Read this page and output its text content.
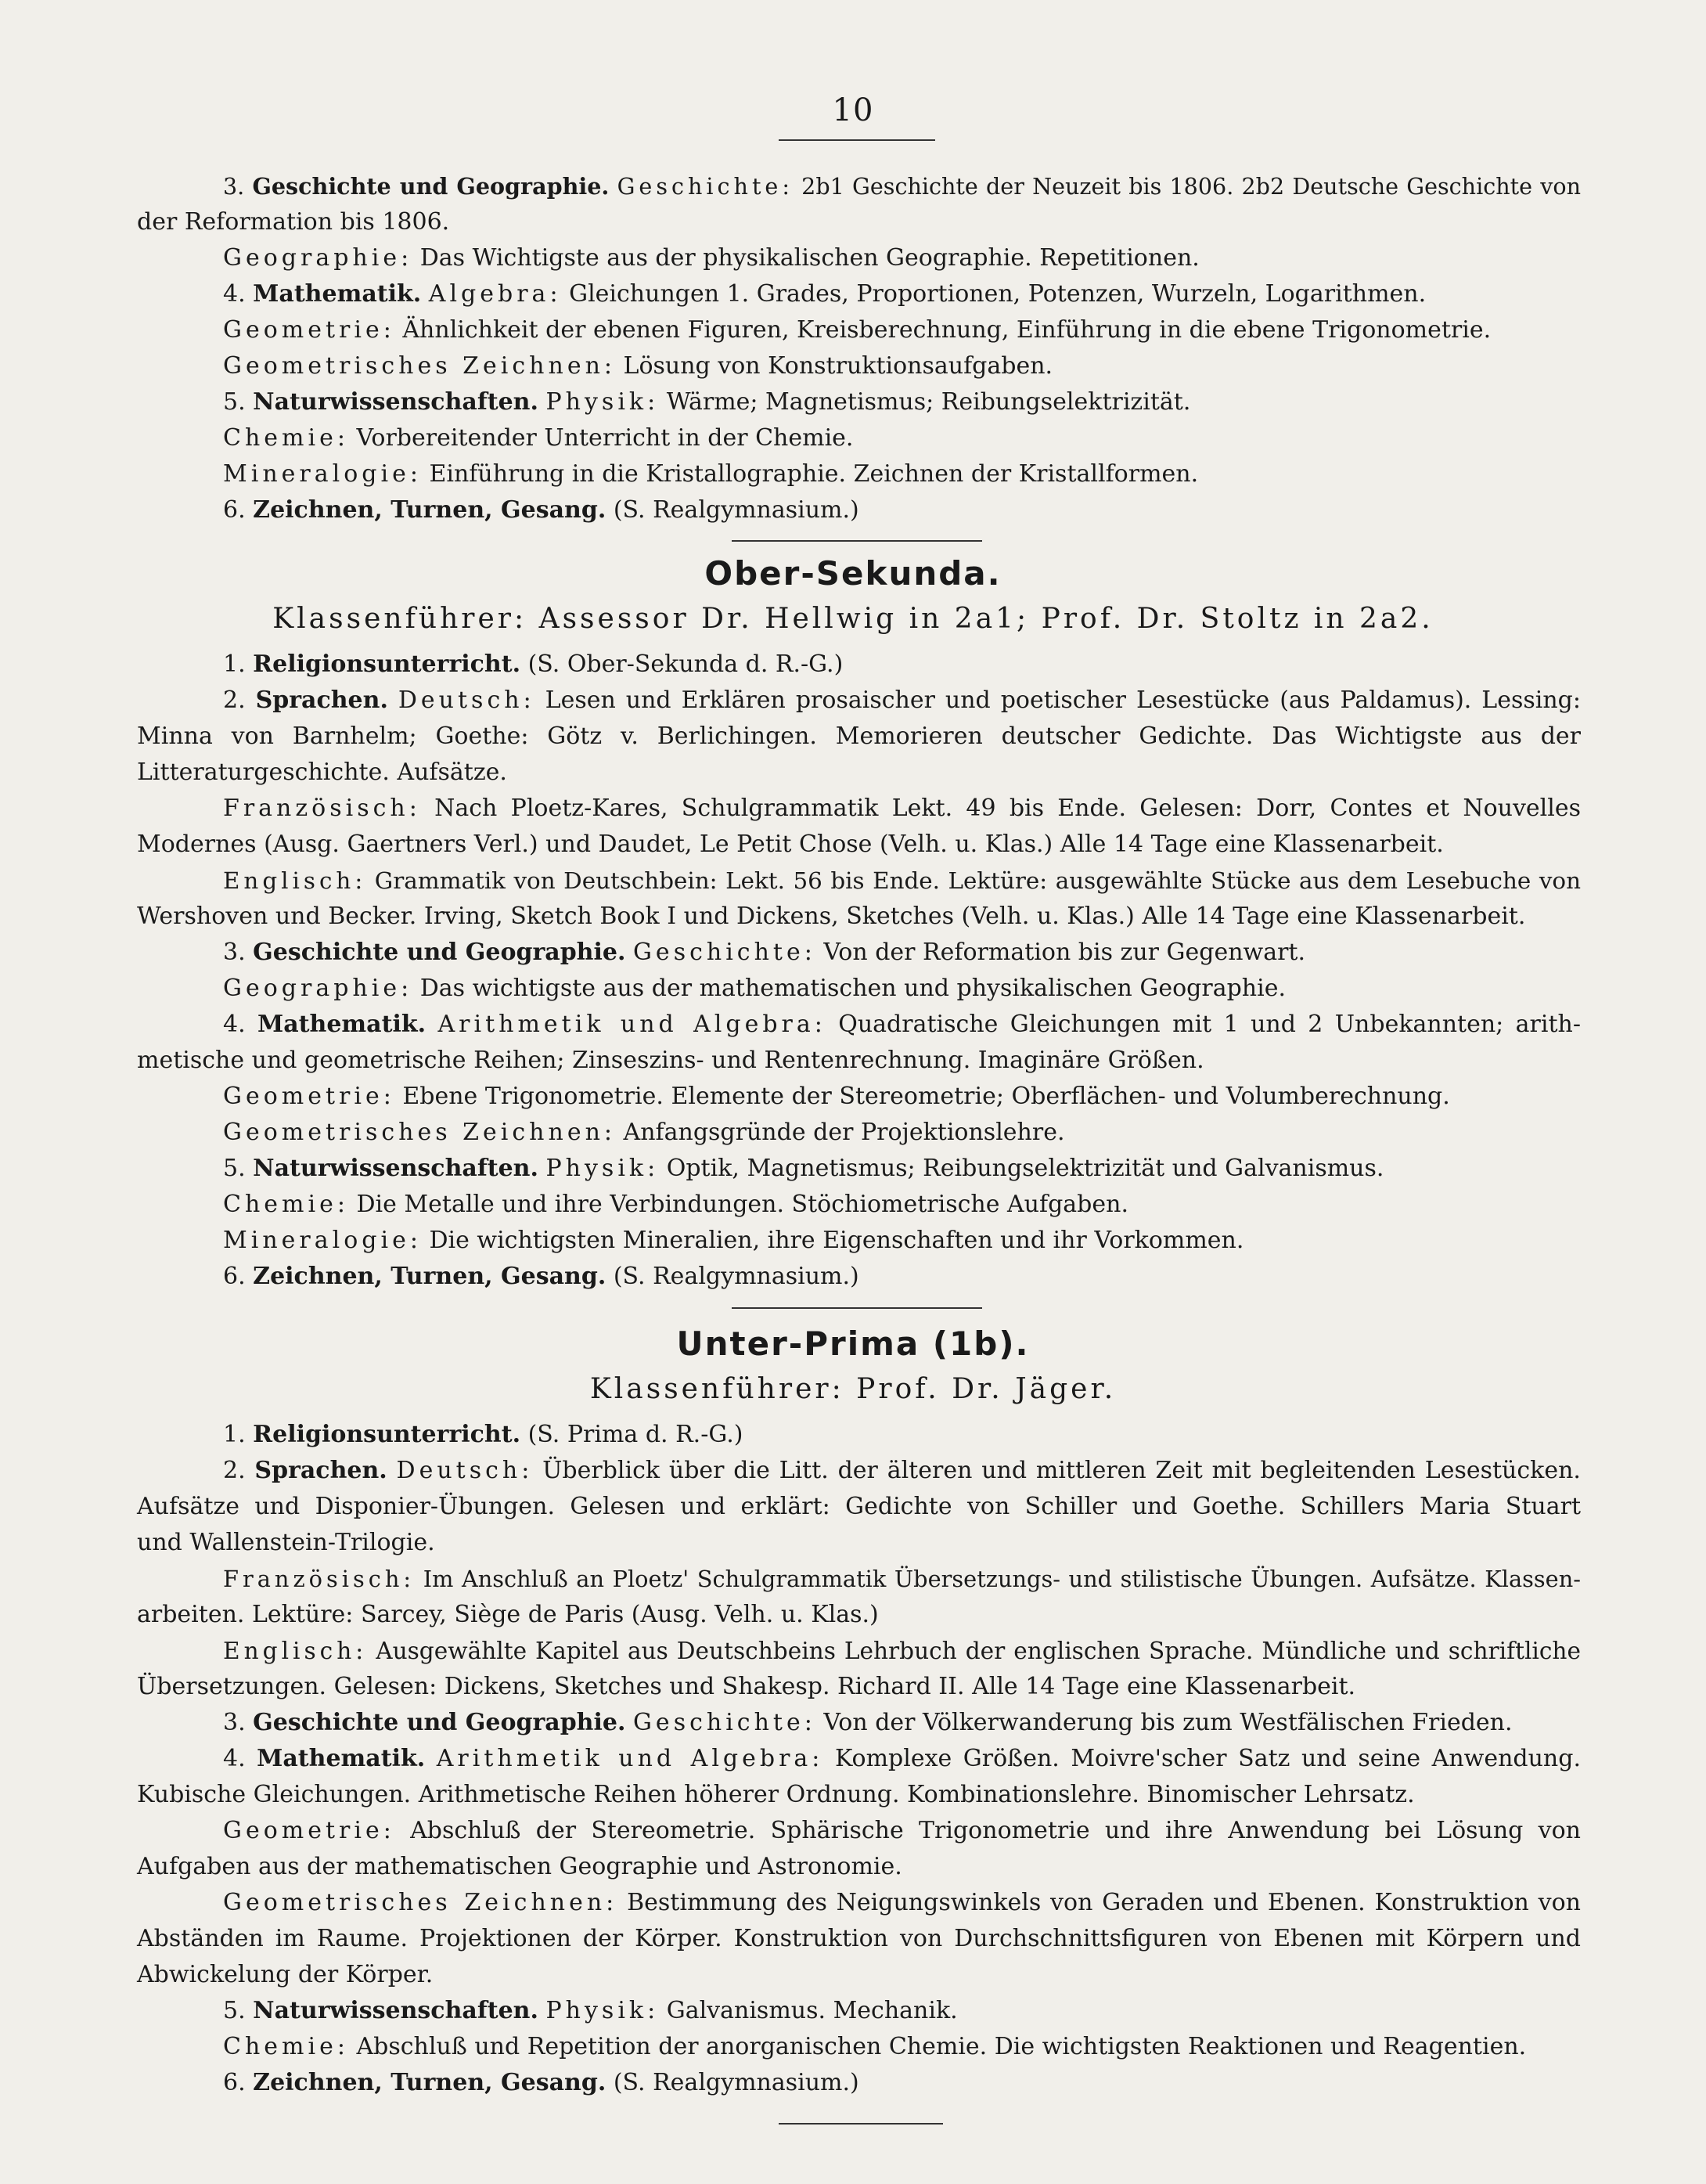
10
3. Geschichte und Geographie. Geschichte: 2b1 Geschichte der Neuzeit bis 1806. 2b2 Deutsche Geschichte von
der Reformation bis 1806.
Geographie: Das Wichtigste aus der physikalischen Geographie. Repetitionen.
4. Mathematik. Algebra: Gleichungen 1. Grades, Proportionen, Potenzen, Wurzeln, Logarithmen.
Geometrie: Ähnlichkeit der ebenen Figuren, Kreisberechnung, Einführung in die ebene Trigonometrie.
Geometrisches Zeichnen: Lösung von Konstruktionsaufgaben.
5. Naturwissenschaften. Physik: Wärme; Magnetismus; Reibungselektrizität.
Chemie: Vorbereitender Unterricht in der Chemie.
Mineralogie: Einführung in die Kristallographie. Zeichnen der Kristallformen.
6. Zeichnen, Turnen, Gesang. (S. Realgymnasium.)
Ober-Sekunda.
Klassenführer: Assessor Dr. Hellwig in 2a1; Prof. Dr. Stoltz in 2a2.
1. Religionsunterricht. (S. Ober-Sekunda d. R.-G.)
2. Sprachen. Deutsch: Lesen und Erklären prosaischer und poetischer Lesestücke (aus Paldamus). Lessing:
Minna von Barnhelm; Goethe: Götz v. Berlichingen. Memorieren deutscher Gedichte. Das Wichtigste aus der
Litteraturgeschichte. Aufsätze.
Französisch: Nach Ploetz-Kares, Schulgrammatik Lekt. 49 bis Ende. Gelesen: Dorr, Contes et Nouvelles
Modernes (Ausg. Gaertners Verl.) und Daudet, Le Petit Chose (Velh. u. Klas.) Alle 14 Tage eine Klassenarbeit.
Englisch: Grammatik von Deutschbein: Lekt. 56 bis Ende. Lektüre: ausgewählte Stücke aus dem Lesebuche von
Wershoven und Becker. Irving, Sketch Book I und Dickens, Sketches (Velh. u. Klas.) Alle 14 Tage eine Klassenarbeit.
3. Geschichte und Geographie. Geschichte: Von der Reformation bis zur Gegenwart.
Geographie: Das wichtigste aus der mathematischen und physikalischen Geographie.
4. Mathematik. Arithmetik und Algebra: Quadratische Gleichungen mit 1 und 2 Unbekannten; arith-
metische und geometrische Reihen; Zinseszins- und Rentenrechnung. Imaginäre Größen.
Geometrie: Ebene Trigonometrie. Elemente der Stereometrie; Oberflächen- und Volumberechnung.
Geometrisches Zeichnen: Anfangsgründe der Projektionslehre.
5. Naturwissenschaften. Physik: Optik, Magnetismus; Reibungselektrizität und Galvanismus.
Chemie: Die Metalle und ihre Verbindungen. Stöchiometrische Aufgaben.
Mineralogie: Die wichtigsten Mineralien, ihre Eigenschaften und ihr Vorkommen.
6. Zeichnen, Turnen, Gesang. (S. Realgymnasium.)
Unter-Prima (1b).
Klassenführer: Prof. Dr. Jäger.
1. Religionsunterricht. (S. Prima d. R.-G.)
2. Sprachen. Deutsch: Überblick über die Litt. der älteren und mittleren Zeit mit begleitenden Lesestücken.
Aufsätze und Disponier-Übungen. Gelesen und erklärt: Gedichte von Schiller und Goethe. Schillers Maria Stuart
und Wallenstein-Trilogie.
Französisch: Im Anschluß an Ploetz' Schulgrammatik Übersetzungs- und stilistische Übungen. Aufsätze. Klassen-
arbeiten. Lektüre: Sarcey, Siège de Paris (Ausg. Velh. u. Klas.)
Englisch: Ausgewählte Kapitel aus Deutschbeins Lehrbuch der englischen Sprache. Mündliche und schriftliche
Übersetzungen. Gelesen: Dickens, Sketches und Shakesp. Richard II. Alle 14 Tage eine Klassenarbeit.
3. Geschichte und Geographie. Geschichte: Von der Völkerwanderung bis zum Westfälischen Frieden.
4. Mathematik. Arithmetik und Algebra: Komplexe Größen. Moivre'scher Satz und seine Anwendung.
Kubische Gleichungen. Arithmetische Reihen höherer Ordnung. Kombinationslehre. Binomischer Lehrsatz.
Geometrie: Abschluß der Stereometrie. Sphärische Trigonometrie und ihre Anwendung bei Lösung von
Aufgaben aus der mathematischen Geographie und Astronomie.
Geometrisches Zeichnen: Bestimmung des Neigungswinkels von Geraden und Ebenen. Konstruktion von
Abständen im Raume. Projektionen der Körper. Konstruktion von Durchschnittsfiguren von Ebenen mit Körpern und
Abwickelung der Körper.
5. Naturwissenschaften. Physik: Galvanismus. Mechanik.
Chemie: Abschluß und Repetition der anorganischen Chemie. Die wichtigsten Reaktionen und Reagentien.
6. Zeichnen, Turnen, Gesang. (S. Realgymnasium.)
